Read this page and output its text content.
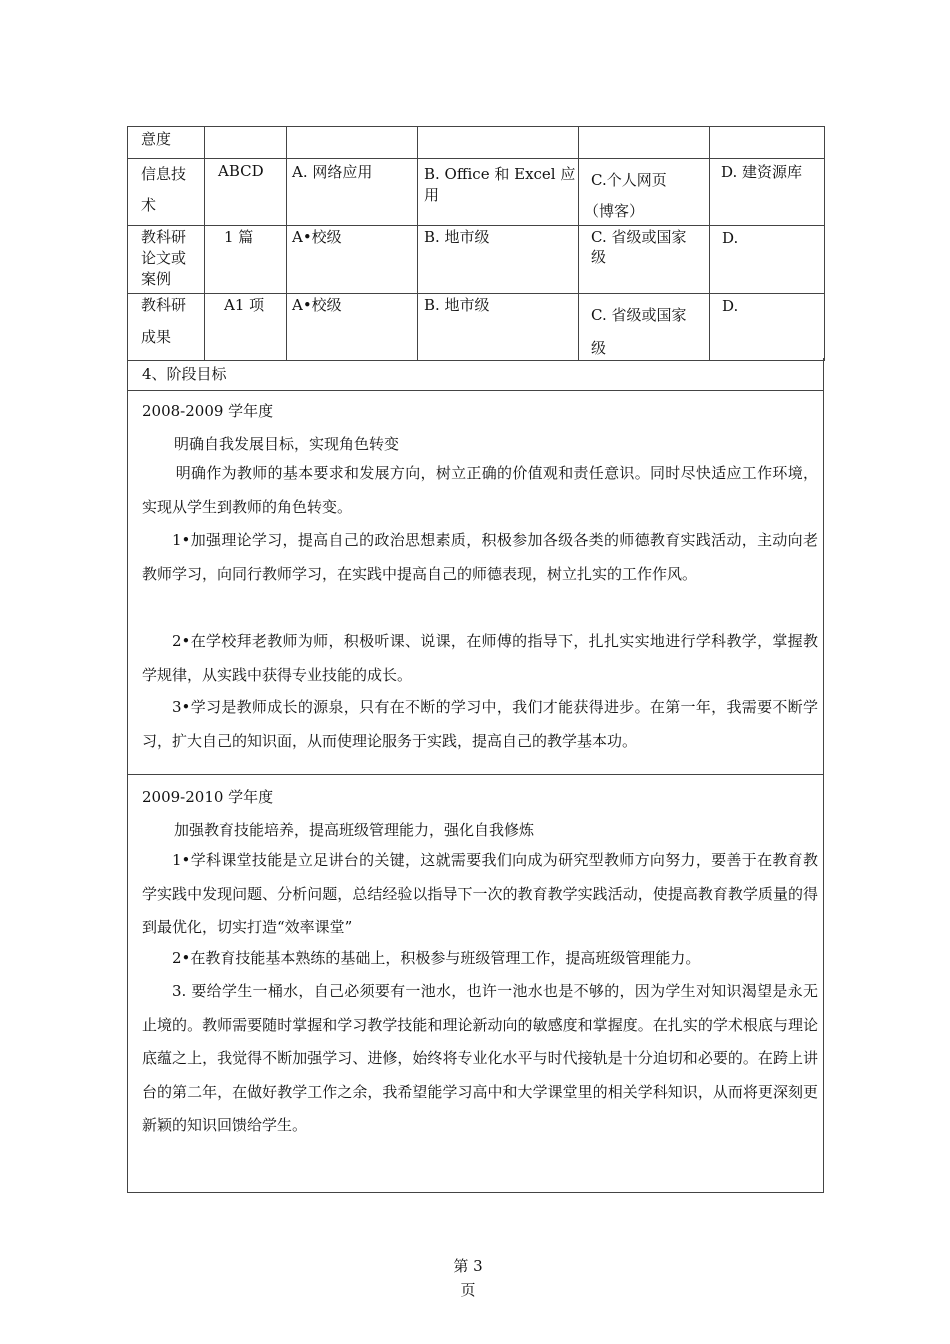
意度					

信息技
术	ABCD	A. 网络应用	B. Office 和 Excel 应
用	C.个人网页
（博客）	D. 建资源库

教科研
论文或
案例	1 篇	A•校级	B. 地市级	C. 省级或国家
级	D.

教科研
成果	A1 项	A•校级	B. 地市级	C. 省级或国家
级	D.
4、阶段目标
2008-2009 学年度
明确自我发展目标，实现角色转变
明确作为教师的基本要求和发展方向，树立正确的价值观和责任意识。同时尽快适应工作环境，实现从学生到教师的角色转变。
1•加强理论学习，提高自己的政治思想素质，积极参加各级各类的师德教育实践活动，主动向老教师学习，向同行教师学习，在实践中提高自己的师德表现，树立扎实的工作作风。
2•在学校拜老教师为师，积极听课、说课，在师傅的指导下，扎扎实实地进行学科教学，掌握教学规律，从实践中获得专业技能的成长。
3•学习是教师成长的源泉，只有在不断的学习中，我们才能获得进步。在第一年，我需要不断学习，扩大自己的知识面，从而使理论服务于实践，提高自己的教学基本功。
2009-2010 学年度
加强教育技能培养，提高班级管理能力，强化自我修炼
1•学科课堂技能是立足讲台的关键，这就需要我们向成为研究型教师方向努力，要善于在教育教学实践中发现问题、分析问题，总结经验以指导下一次的教育教学实践活动，使提高教育教学质量的得到最优化，切实打造“效率课堂”
2•在教育技能基本熟练的基础上，积极参与班级管理工作，提高班级管理能力。
3. 要给学生一桶水，自己必须要有一池水，也许一池水也是不够的，因为学生对知识渴望是永无止境的。教师需要随时掌握和学习教学技能和理论新动向的敏感度和掌握度。在扎实的学术根底与理论底蕴之上，我觉得不断加强学习、进修，始终将专业化水平与时代接轨是十分迫切和必要的。在跨上讲台的第二年，在做好教学工作之余，我希望能学习高中和大学课堂里的相关学科知识，从而将更深刻更新颖的知识回馈给学生。
第 3
页
